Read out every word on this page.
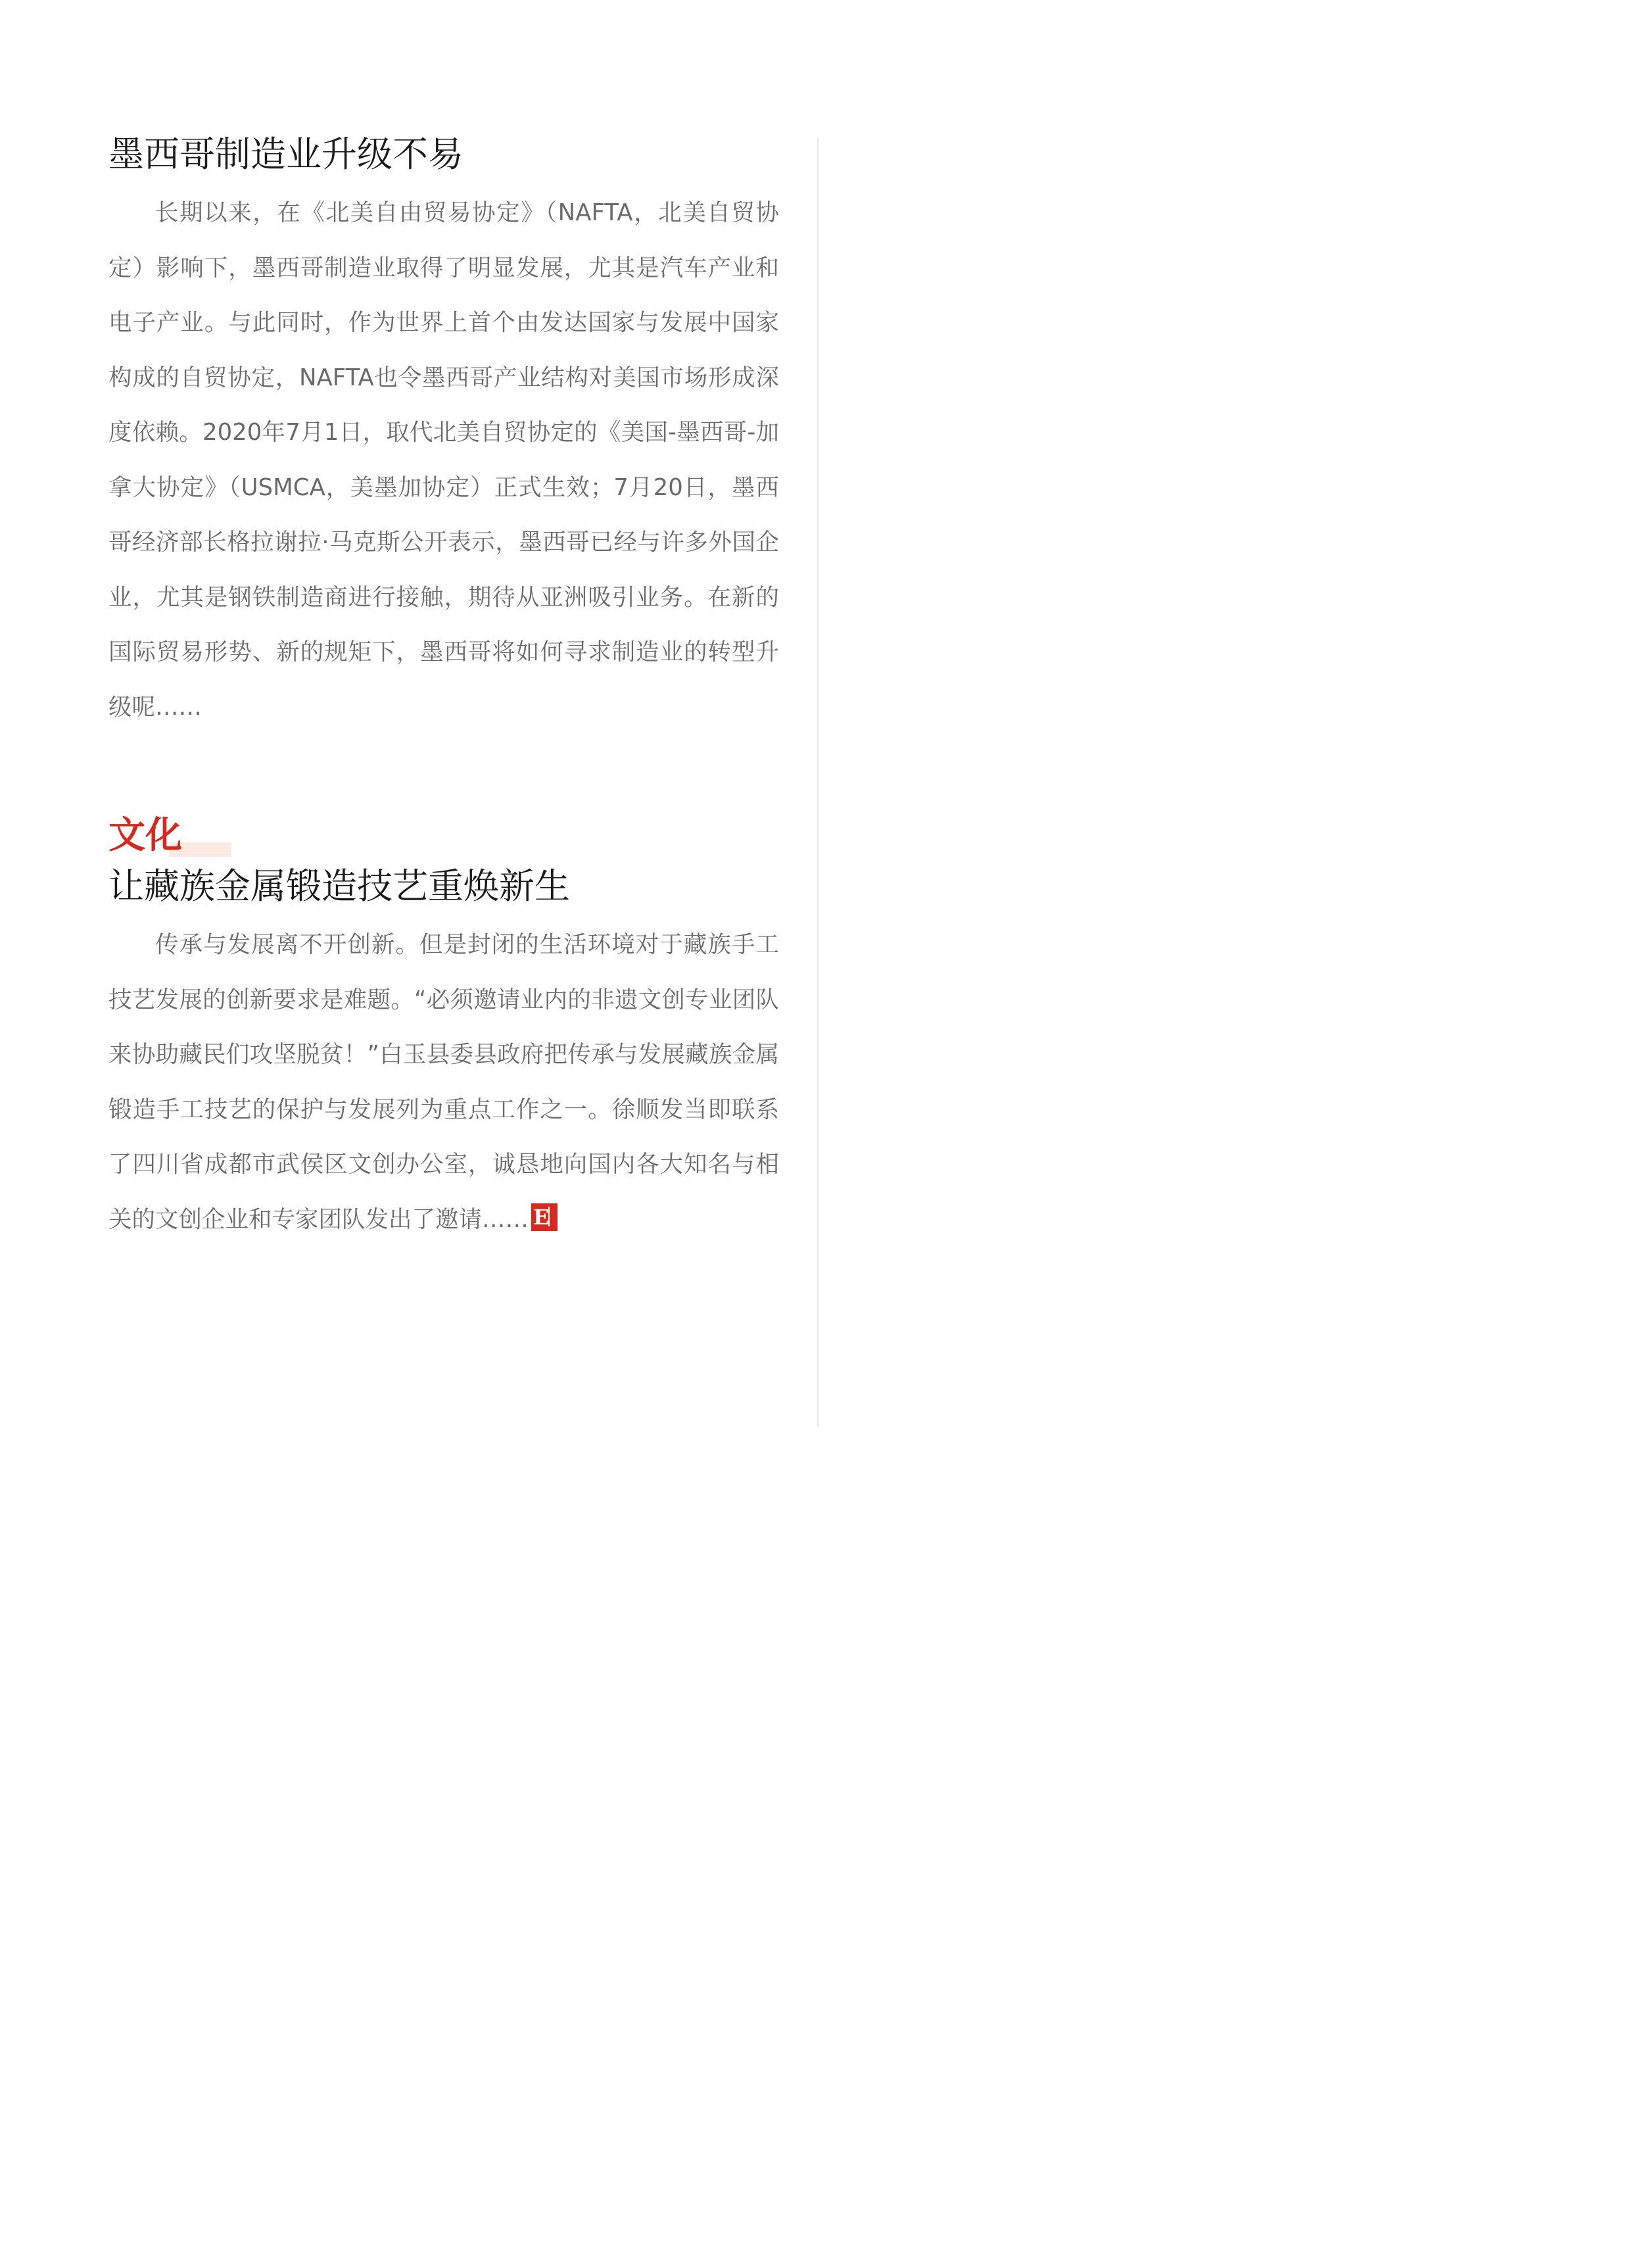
墨西哥制造业升级不易

长期以来，在《北美自由贸易协定》（NAFTA，北美自贸协定）影响下，墨西哥制造业取得了明显发展，尤其是汽车产业和电子产业。与此同时，作为世界上首个由发达国家与发展中国家构成的自贸协定，NAFTA也令墨西哥产业结构对美国市场形成深度依赖。2020年7月1日，取代北美自贸协定的《美国-墨西哥-加拿大协定》（USMCA，美墨加协定）正式生效；7月20日，墨西哥经济部长格拉谢拉·马克斯公开表示，墨西哥已经与许多外国企业，尤其是钢铁制造商进行接触，期待从亚洲吸引业务。在新的国际贸易形势、新的规矩下，墨西哥将如何寻求制造业的转型升级呢……

文化
让藏族金属锻造技艺重焕新生

传承与发展离不开创新。但是封闭的生活环境对于藏族手工技艺发展的创新要求是难题。“必须邀请业内的非遗文创专业团队来协助藏民们攻坚脱贫！”白玉县委县政府把传承与发展藏族金属锻造手工技艺的保护与发展列为重点工作之一。徐顺发当即联系了四川省成都市武侯区文创办公室，诚恳地向国内各大知名与相关的文创企业和专家团队发出了邀请…… E
